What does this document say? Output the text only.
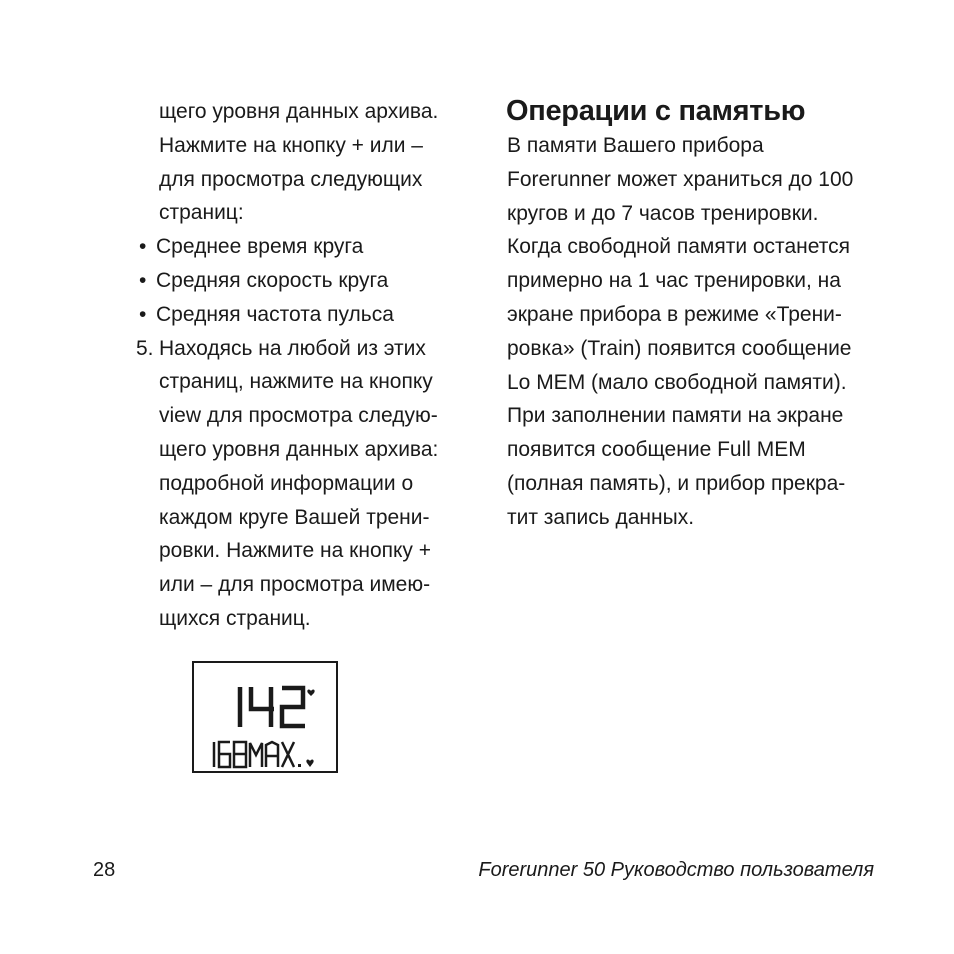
щего уровня данных архива.
Нажмите на кнопку + или –
для просмотра следующих
страниц:
• Среднее время круга
• Средняя скорость круга
• Средняя частота пульса
5. Находясь на любой из этих
страниц, нажмите на кнопку
view для просмотра следую-
щего уровня данных архива:
подробной информации о
каждом круге Вашей трени-
ровки. Нажмите на кнопку +
или – для просмотра имею-
щихся страниц.
Операции с памятью
В памяти Вашего прибора
Forerunner может храниться до 100
кругов и до 7 часов тренировки.
Когда свободной памяти останется
примерно на 1 час тренировки, на
экране прибора в режиме «Трени-
ровка» (Train) появится сообщение
Lo MEM (мало свободной памяти).
При заполнении памяти на экране
появится сообщение Full MEM
(полная память), и прибор прекра-
тит запись данных.
28	Forerunner 50 Руководство пользователя
